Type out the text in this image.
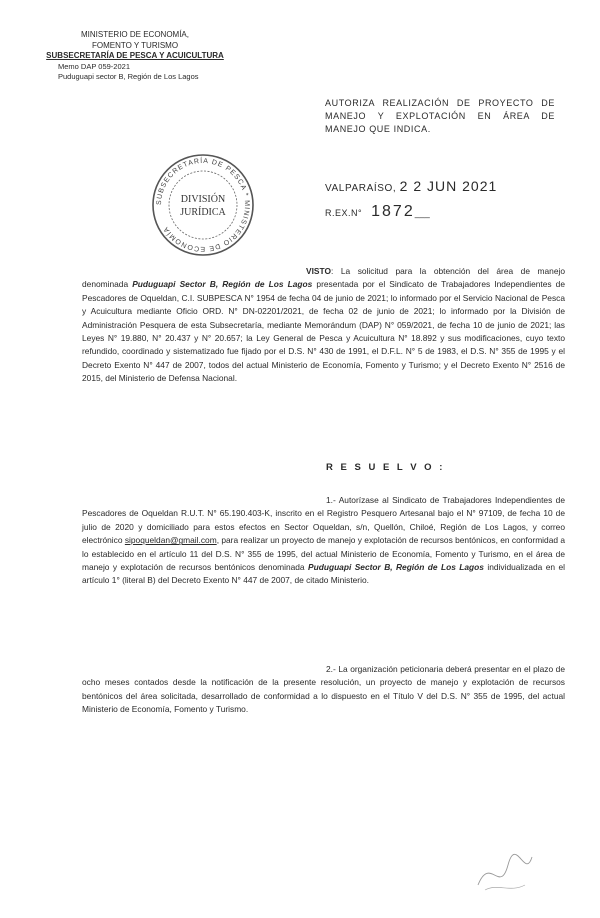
MINISTERIO DE ECONOMÍA,
FOMENTO Y TURISMO
SUBSECRETARÍA DE PESCA Y ACUICULTURA
Memo DAP 059-2021
Puduguapi sector B, Región de Los Lagos
AUTORIZA REALIZACIÓN DE PROYECTO DE MANEJO Y EXPLOTACIÓN EN ÁREA DE MANEJO QUE INDICA.
SUBSECRETARÍA DE PESCA * MINISTERIO DE ECONOMÍA
DIVISIÓN
JURÍDICA
VALPARAÍSO, 2 2 JUN 2021
R.EX.N° 1872___
VISTO: La solicitud para la obtención del área de manejo denominada Puduguapi Sector B, Región de Los Lagos presentada por el Sindicato de Trabajadores Independientes de Pescadores de Oqueldan, C.I. SUBPESCA N° 1954 de fecha 04 de junio de 2021; lo informado por el Servicio Nacional de Pesca y Acuicultura mediante Oficio ORD. N° DN-02201/2021, de fecha 02 de junio de 2021; lo informado por la División de Administración Pesquera de esta Subsecretaría, mediante Memorándum (DAP) N° 059/2021, de fecha 10 de junio de 2021; las Leyes N° 19.880, N° 20.437 y N° 20.657; la Ley General de Pesca y Acuicultura N° 18.892 y sus modificaciones, cuyo texto refundido, coordinado y sistematizado fue fijado por el D.S. N° 430 de 1991, el D.F.L. N° 5 de 1983, el D.S. N° 355 de 1995 y el Decreto Exento N° 447 de 2007, todos del actual Ministerio de Economía, Fomento y Turismo; y el Decreto Exento N° 2516 de 2015, del Ministerio de Defensa Nacional.
R E S U E L V O :
1.- Autorízase al Sindicato de Trabajadores Independientes de Pescadores de Oqueldan R.U.T. N° 65.190.403-K, inscrito en el Registro Pesquero Artesanal bajo el N° 97109, de fecha 10 de julio de 2020 y domiciliado para estos efectos en Sector Oqueldan, s/n, Quellón, Chiloé, Región de Los Lagos, y correo electrónico sipoqueldan@gmail.com, para realizar un proyecto de manejo y explotación de recursos bentónicos, en conformidad a lo establecido en el artículo 11 del D.S. N° 355 de 1995, del actual Ministerio de Economía, Fomento y Turismo, en el área de manejo y explotación de recursos bentónicos denominada Puduguapi Sector B, Región de Los Lagos individualizada en el artículo 1° (literal B) del Decreto Exento N° 447 de 2007, de citado Ministerio.
2.- La organización peticionaria deberá presentar en el plazo de ocho meses contados desde la notificación de la presente resolución, un proyecto de manejo y explotación de recursos bentónicos del área solicitada, desarrollado de conformidad a lo dispuesto en el Título V del D.S. N° 355 de 1995, del actual Ministerio de Economía, Fomento y Turismo.
